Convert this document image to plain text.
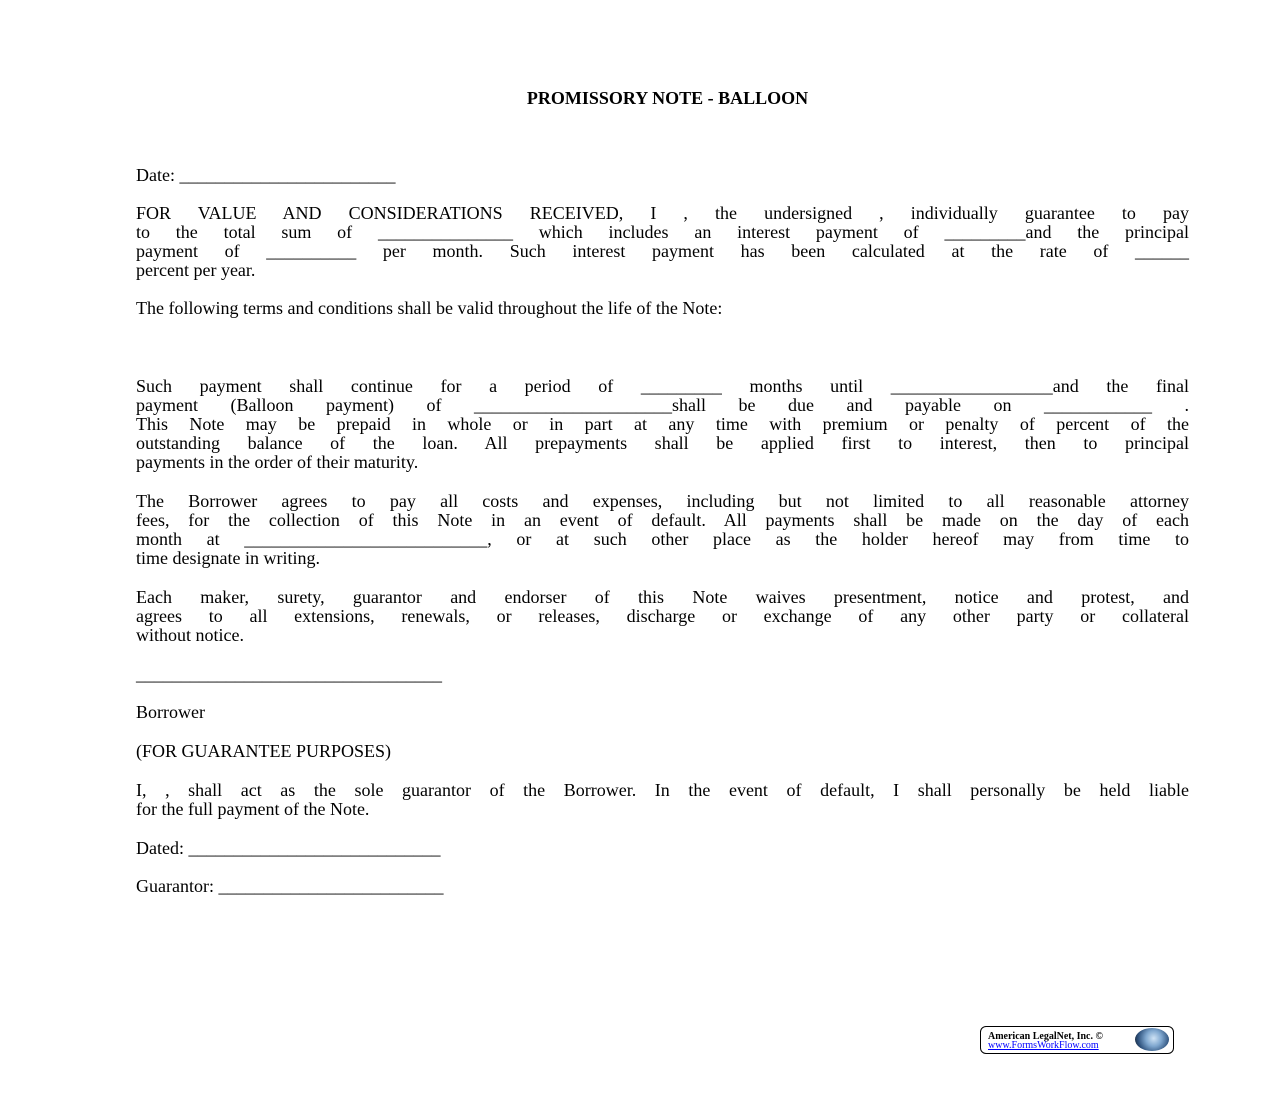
PROMISSORY NOTE - BALLOON
Date: ________________________
FOR VALUE AND CONSIDERATIONS RECEIVED, I , the undersigned , individually guarantee to pay
to the total sum of _______________ which includes an interest payment of _________and the principal
payment of __________ per month. Such interest payment has been calculated at the rate of ______
percent per year.
The following terms and conditions shall be valid throughout the life of the Note:
Such payment shall continue for a period of _________ months until __________________and the final
payment (Balloon payment) of ______________________shall be due and payable on ____________ .
This Note may be prepaid in whole or in part at any time with premium or penalty of percent of the
outstanding balance of the loan. All prepayments shall be applied first to interest, then to principal
payments in the order of their maturity.
The Borrower agrees to pay all costs and expenses, including but not limited to all reasonable attorney
fees, for the collection of this Note in an event of default. All payments shall be made on the day of each
month at ___________________________, or at such other place as the holder hereof may from time to
time designate in writing.
Each maker, surety, guarantor and endorser of this Note waives presentment, notice and protest, and
agrees to all extensions, renewals, or releases, discharge or exchange of any other party or collateral
without notice.
__________________________________
Borrower
(FOR GUARANTEE PURPOSES)
I, , shall act as the sole guarantor of the Borrower. In the event of default, I shall personally be held liable
for the full payment of the Note.
Dated: ____________________________
Guarantor: _________________________
American LegalNet, Inc. ©
www.FormsWorkFlow.com
